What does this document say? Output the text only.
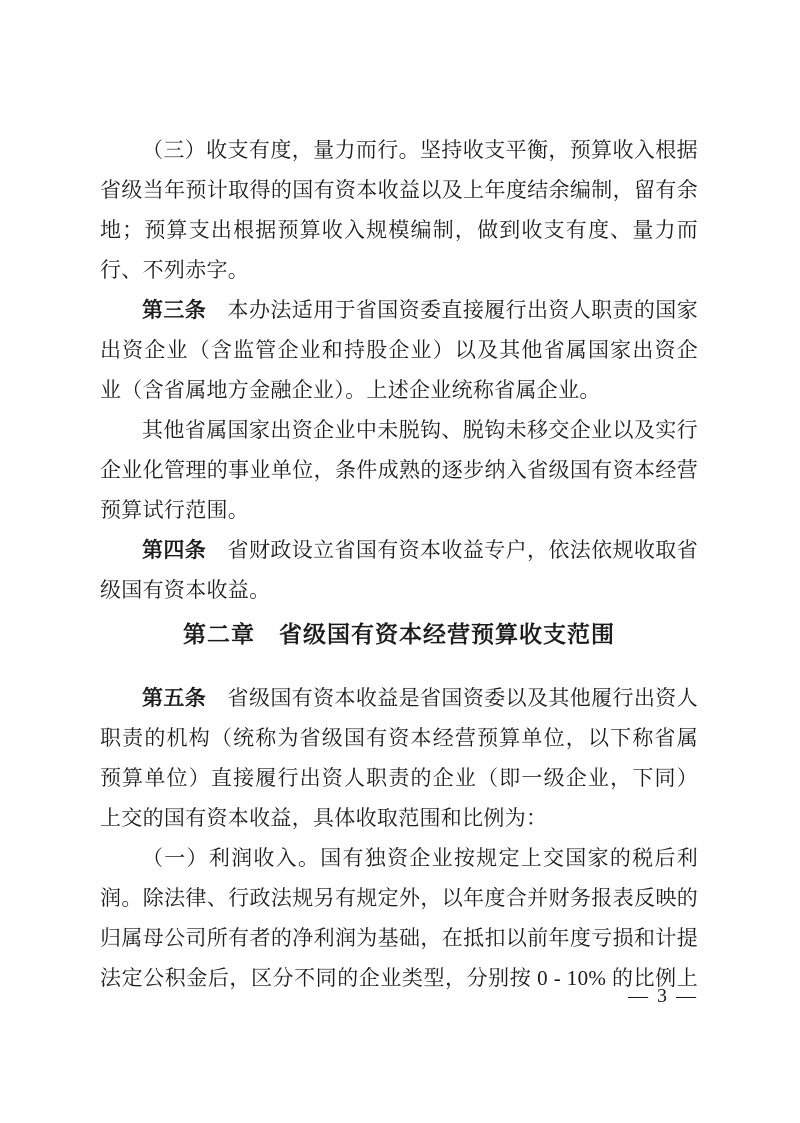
（三）收支有度，量力而行。坚持收支平衡，预算收入根据
省级当年预计取得的国有资本收益以及上年度结余编制，留有余
地；预算支出根据预算收入规模编制，做到收支有度、量力而
行、不列赤字。
第三条　本办法适用于省国资委直接履行出资人职责的国家
出资企业（含监管企业和持股企业）以及其他省属国家出资企
业（含省属地方金融企业）。上述企业统称省属企业。
其他省属国家出资企业中未脱钩、脱钩未移交企业以及实行
企业化管理的事业单位，条件成熟的逐步纳入省级国有资本经营
预算试行范围。
第四条　省财政设立省国有资本收益专户，依法依规收取省
级国有资本收益。
第二章　省级国有资本经营预算收支范围
第五条　省级国有资本收益是省国资委以及其他履行出资人
职责的机构（统称为省级国有资本经营预算单位，以下称省属
预算单位）直接履行出资人职责的企业（即一级企业，下同）
上交的国有资本收益，具体收取范围和比例为：
（一）利润收入。国有独资企业按规定上交国家的税后利
润。除法律、行政法规另有规定外，以年度合并财务报表反映的
归属母公司所有者的净利润为基础，在抵扣以前年度亏损和计提
法定公积金后，区分不同的企业类型，分别按 0 - 10% 的比例上
— 3 —
